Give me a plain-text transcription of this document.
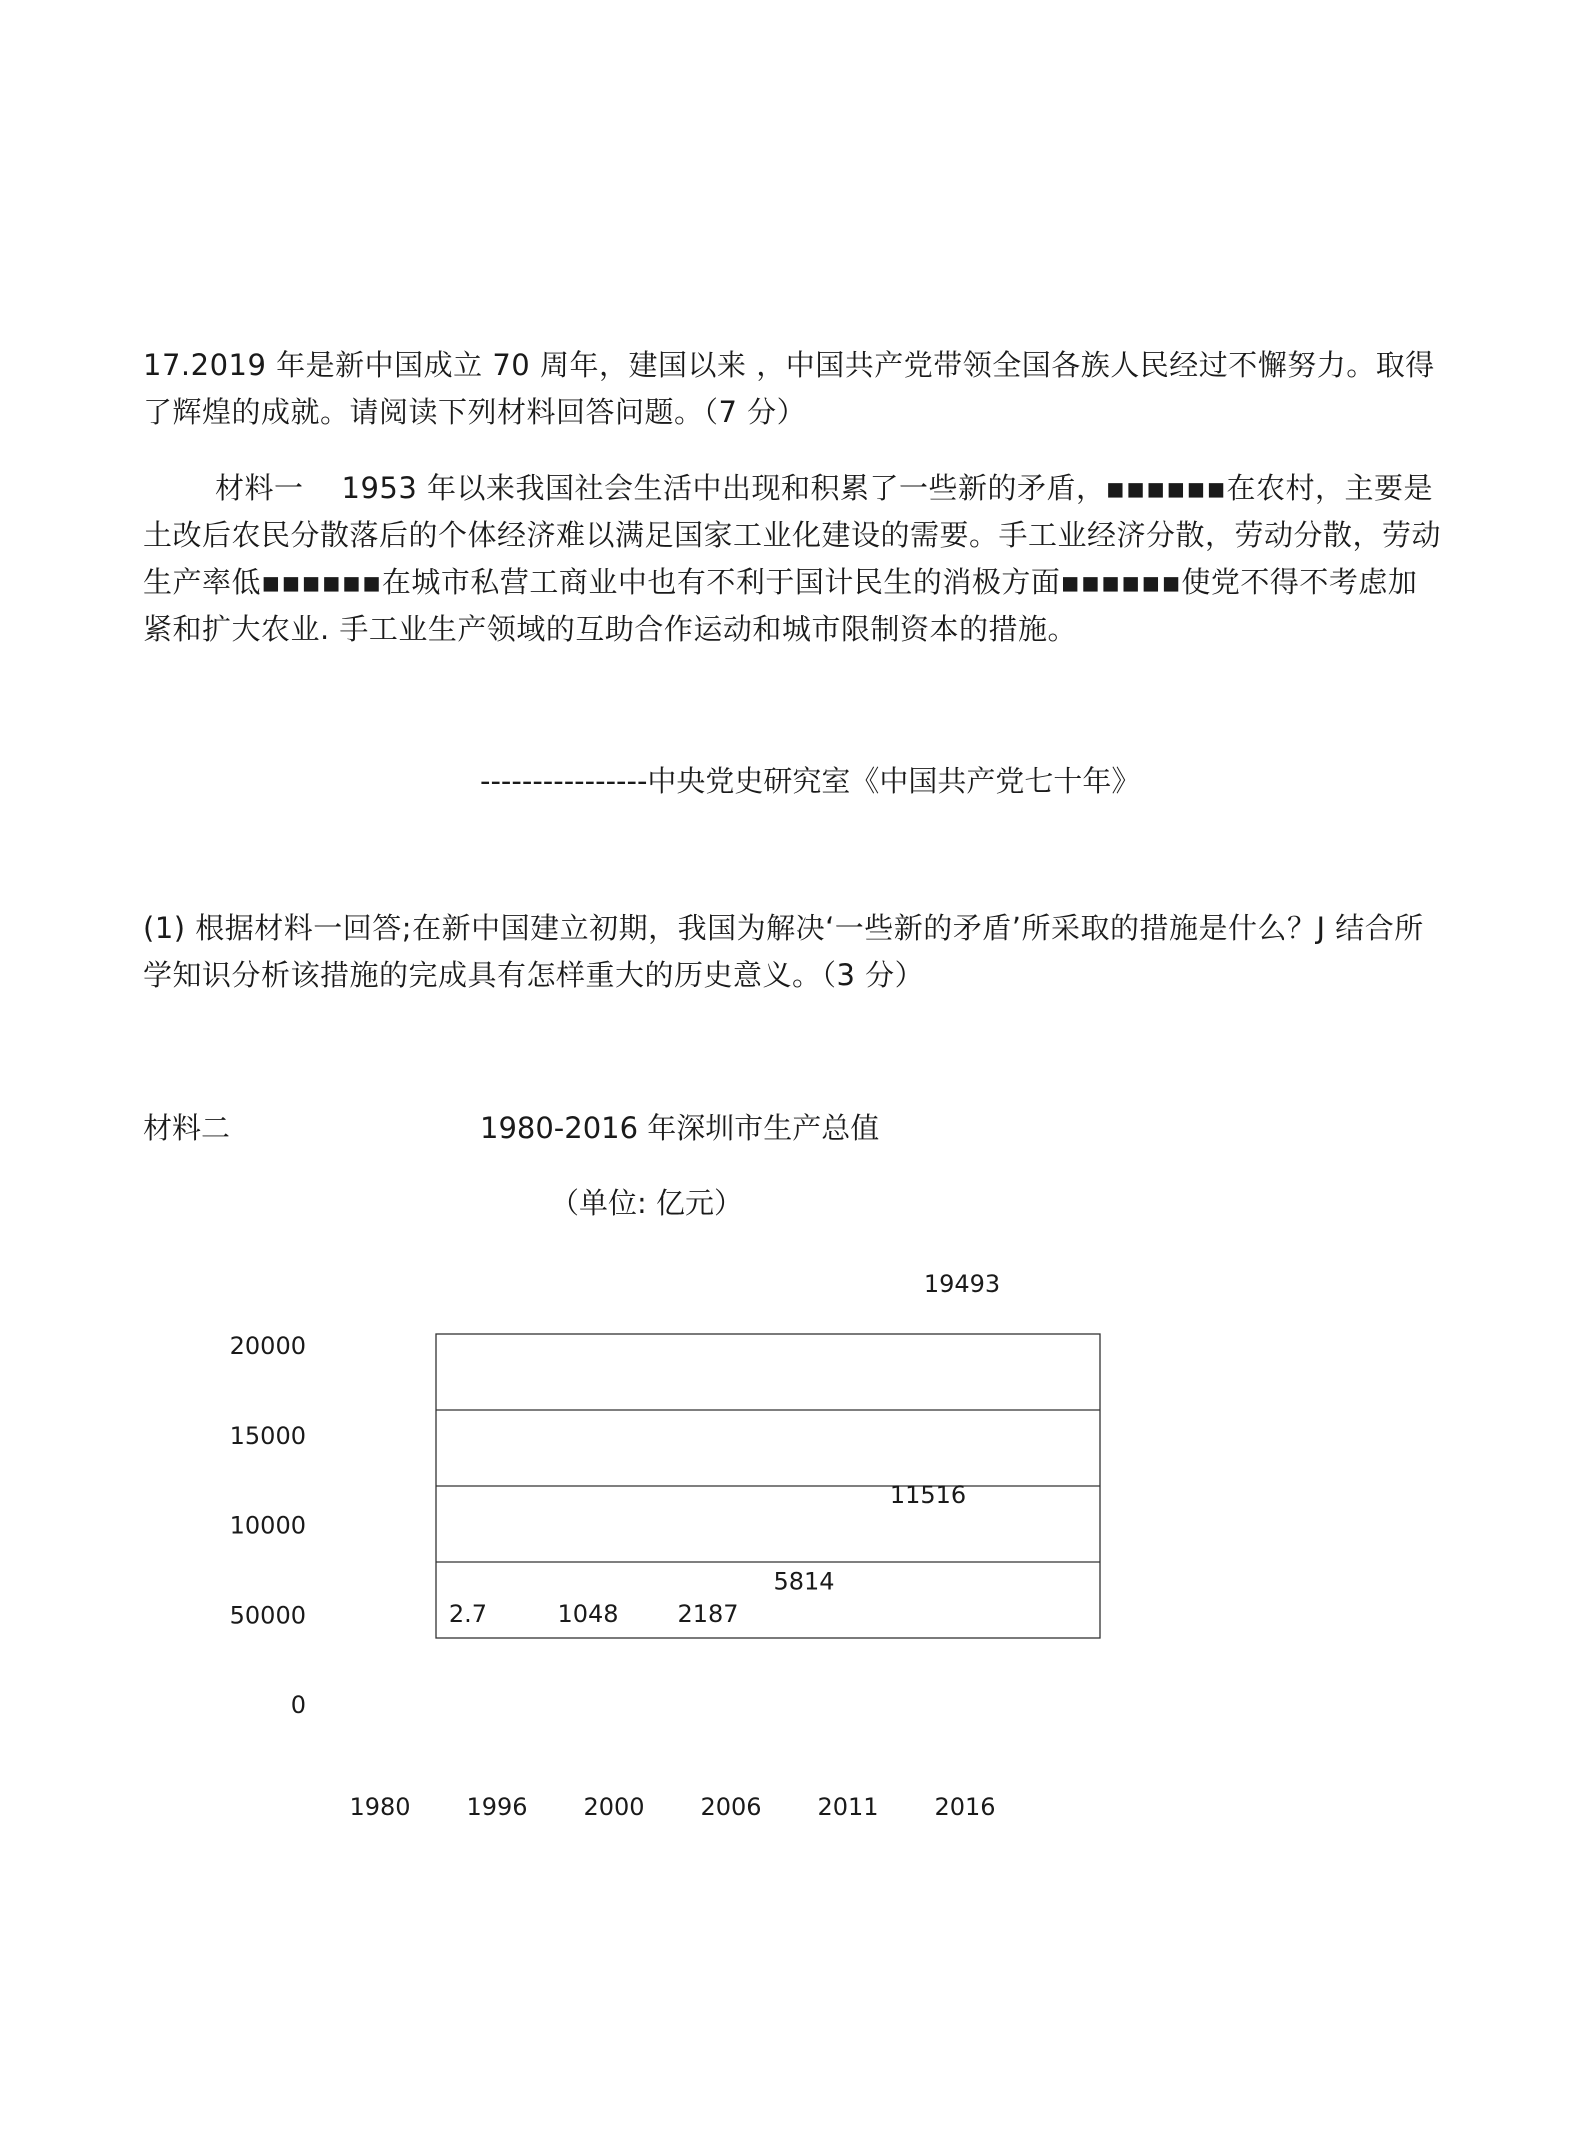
17.2019 年是新中国成立 70 周年，建国以来 ，中国共产党带领全国各族人民经过不懈努力。取得了辉煌的成就。请阅读下列材料回答问题。（7 分）

材料一 1953 年以来我国社会生活中出现和积累了一些新的矛盾，▪▪▪▪▪▪在农村，主要是土改后农民分散落后的个体经济难以满足国家工业化建设的需要。手工业经济分散，劳动分散，劳动生产率低▪▪▪▪▪▪在城市私营工商业中也有不利于国计民生的消极方面▪▪▪▪▪▪使党不得不考虑加紧和扩大农业. 手工业生产领域的互助合作运动和城市限制资本的措施。

----------------中央党史研究室《中国共产党七十年》

(1) 根据材料一回答;在新中国建立初期，我国为解决‘一些新的矛盾’所采取的措施是什么？J 结合所学知识分析该措施的完成具有怎样重大的历史意义。（3 分）

材料二	1980-2016 年深圳市生产总值
（单位: 亿元）
0
50000
10000
15000
20000
2.7	1048 2187
5814
11516
19493
1980 1996 2000 2006 2011 2016
